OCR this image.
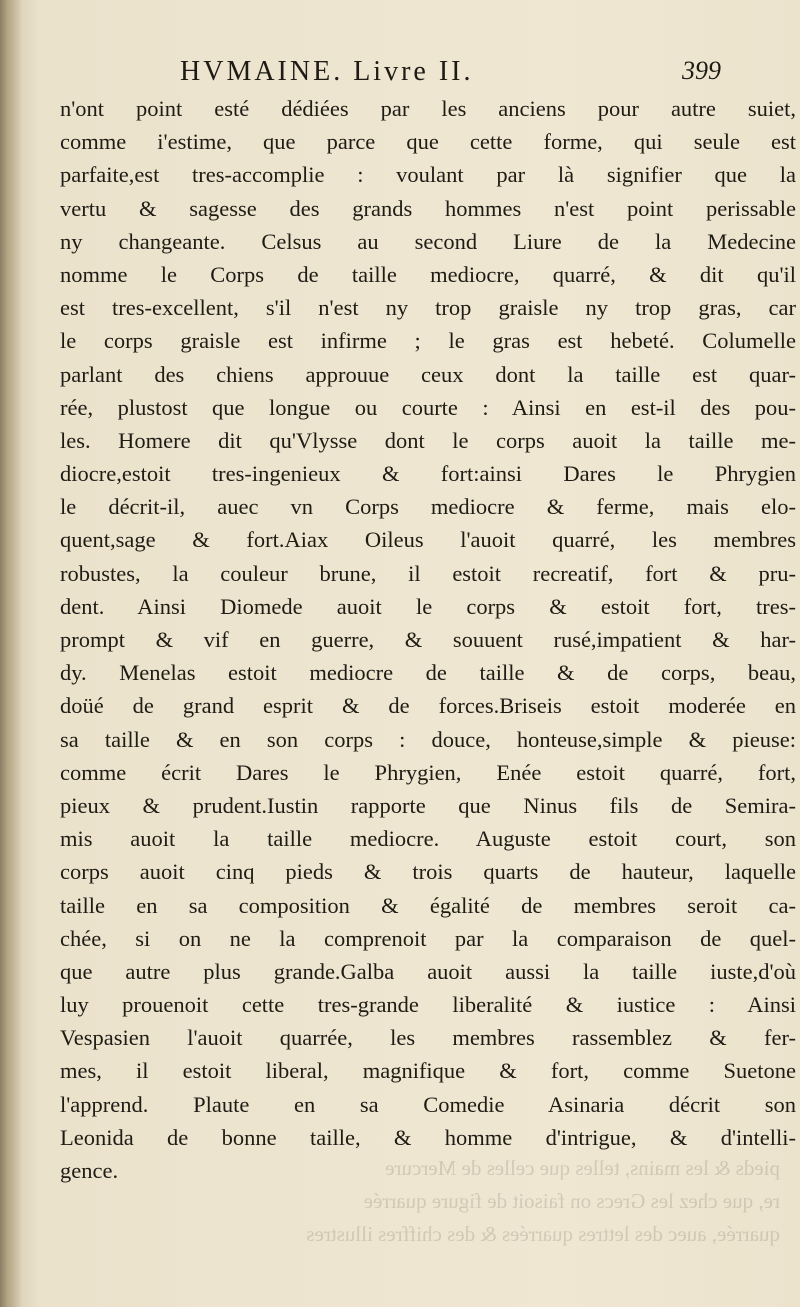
HVMAINE. Livre II.	399
n'ont point esté dédiées par les anciens pour autre suiet,
comme i'estime, que parce que cette forme, qui seule est
parfaite,est tres-accomplie : voulant par là signifier que la
vertu & sagesse des grands hommes n'est point perissable
ny changeante. Celsus au second Liure de la Medecine
nomme le Corps de taille mediocre, quarré, & dit qu'il
est tres-excellent, s'il n'est ny trop graisle ny trop gras, car
le corps graisle est infirme ; le gras est hebeté. Columelle
parlant des chiens approuue ceux dont la taille est quar-
rée, plustost que longue ou courte : Ainsi en est-il des pou-
les. Homere dit qu'Vlysse dont le corps auoit la taille me-
diocre,estoit tres-ingenieux & fort:ainsi Dares le Phrygien
le décrit-il, auec vn Corps mediocre & ferme, mais elo-
quent,sage & fort.Aiax Oileus l'auoit quarré, les membres
robustes, la couleur brune, il estoit recreatif, fort & pru-
dent. Ainsi Diomede auoit le corps & estoit fort, tres-
prompt & vif en guerre, & souuent rusé,impatient & har-
dy. Menelas estoit mediocre de taille & de corps, beau,
doüé de grand esprit & de forces.Briseis estoit moderée en
sa taille & en son corps : douce, honteuse,simple & pieuse:
comme écrit Dares le Phrygien, Enée estoit quarré, fort,
pieux & prudent.Iustin rapporte que Ninus fils de Semira-
mis auoit la taille mediocre. Auguste estoit court, son
corps auoit cinq pieds & trois quarts de hauteur, laquelle
taille en sa composition & égalité de membres seroit ca-
chée, si on ne la comprenoit par la comparaison de quel-
que autre plus grande.Galba auoit aussi la taille iuste,d'où
luy prouenoit cette tres-grande liberalité & iustice : Ainsi
Vespasien l'auoit quarrée, les membres rassemblez & fer-
mes, il estoit liberal, magnifique & fort, comme Suetone
l'apprend. Plaute en sa Comedie Asinaria décrit son
Leonida de bonne taille, & homme d'intrigue, & d'intelli-
gence.	pieds & les mains, telles que celles de Mercure
re, que chez les Grecs on faisoit de figure quarrée
quarrée, auec des lettres quarrées & des chiffres illustres
